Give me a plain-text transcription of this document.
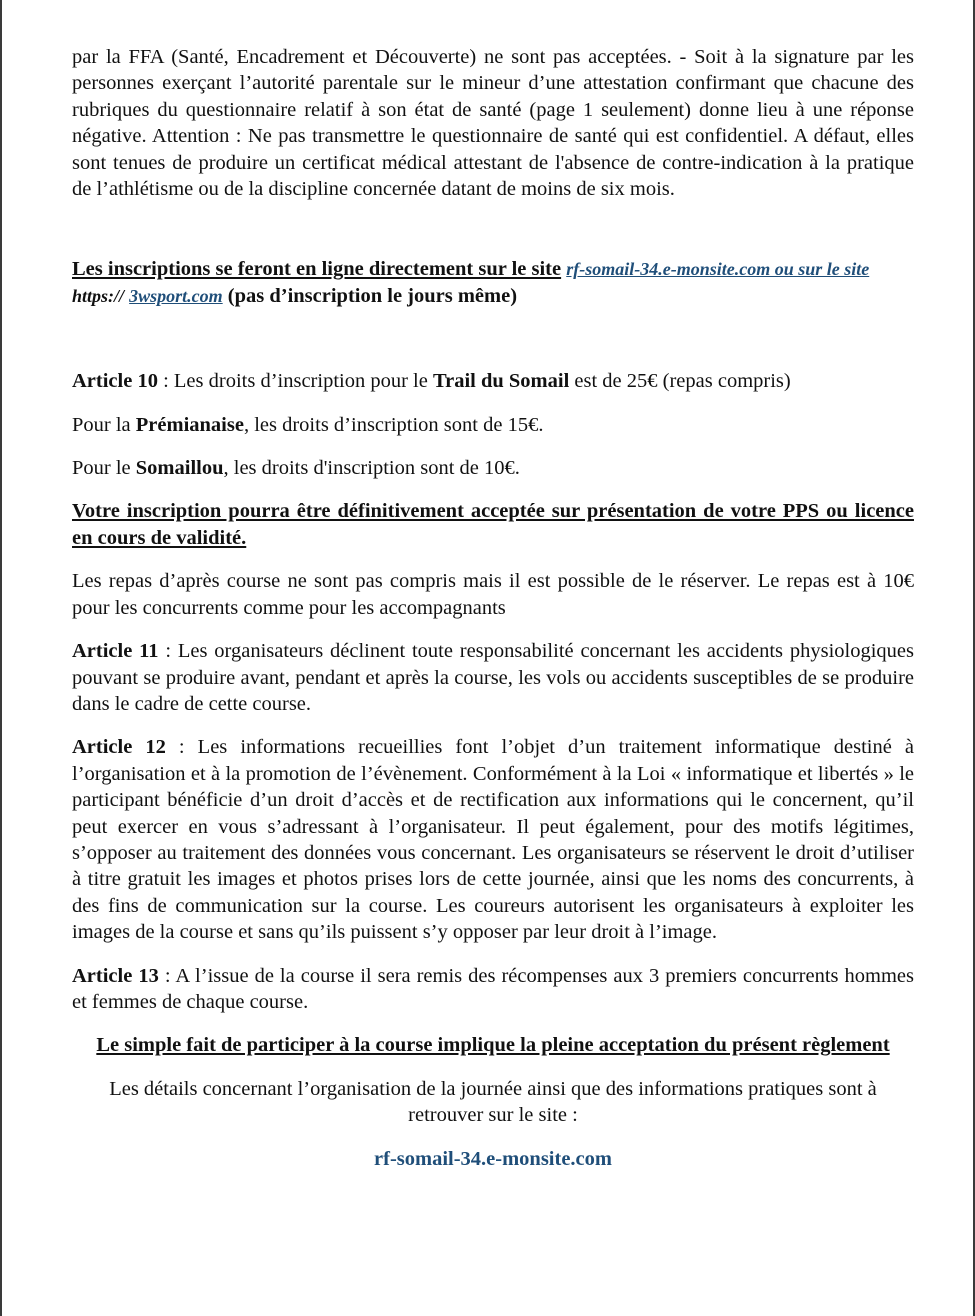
par la FFA (Santé, Encadrement et Découverte) ne sont pas acceptées. - Soit à la signature par les personnes exerçant l’autorité parentale sur le mineur d’une attestation confirmant que chacune des rubriques du questionnaire relatif à son état de santé (page 1 seulement) donne lieu à une réponse négative. Attention : Ne pas transmettre le questionnaire de santé qui est confidentiel. A défaut, elles sont tenues de produire un certificat médical attestant de l'absence de contre-indication à la pratique de l’athlétisme ou de la discipline concernée datant de moins de six mois.

Les inscriptions se feront en ligne directement sur le site rf-somail-34.e-monsite.com ou sur le site https:// 3wsport.com (pas d’inscription le jours même)

Article 10 : Les droits d’inscription pour le Trail du Somail est de 25€ (repas compris)

Pour la Prémianaise, les droits d’inscription sont de 15€.

Pour le Somaillou, les droits d'inscription sont de 10€.

Votre inscription pourra être définitivement acceptée sur présentation de votre PPS ou licence en cours de validité.

Les repas d’après course ne sont pas compris mais il est possible de le réserver. Le repas est à 10€ pour les concurrents comme pour les accompagnants

Article 11 : Les organisateurs déclinent toute responsabilité concernant les accidents physiologiques pouvant se produire avant, pendant et après la course, les vols ou accidents susceptibles de se produire dans le cadre de cette course.

Article 12 : Les informations recueillies font l’objet d’un traitement informatique destiné à l’organisation et à la promotion de l’évènement. Conformément à la Loi « informatique et libertés » le participant bénéficie d’un droit d’accès et de rectification aux informations qui le concernent, qu’il peut exercer en vous s’adressant à l’organisateur. Il peut également, pour des motifs légitimes, s’opposer au traitement des données vous concernant. Les organisateurs se réservent le droit d’utiliser à titre gratuit les images et photos prises lors de cette journée, ainsi que les noms des concurrents, à des fins de communication sur la course. Les coureurs autorisent les organisateurs à exploiter les images de la course et sans qu’ils puissent s’y opposer par leur droit à l’image.

Article 13 : A l’issue de la course il sera remis des récompenses aux 3 premiers concurrents hommes et femmes de chaque course.

Le simple fait de participer à la course implique la pleine acceptation du présent règlement

Les détails concernant l’organisation de la journée ainsi que des informations pratiques sont à retrouver sur le site :

rf-somail-34.e-monsite.com
